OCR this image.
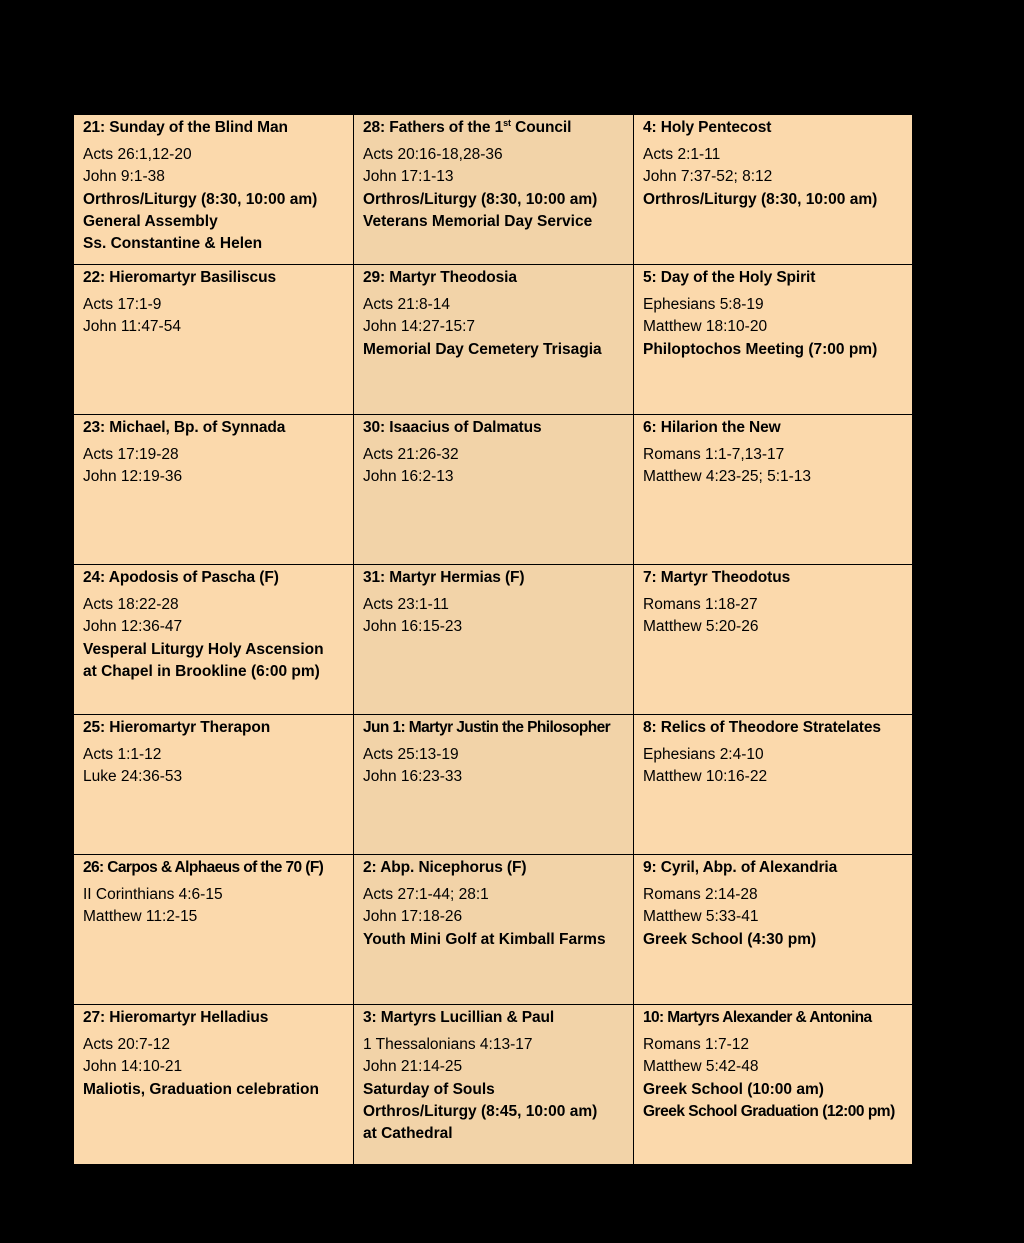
21: Sunday of the Blind Man
Acts 26:1,12-20
John 9:1-38
Orthros/Liturgy (8:30, 10:00 am)
General Assembly
Ss. Constantine & Helen
28: Fathers of the 1st Council
Acts 20:16-18,28-36
John 17:1-13
Orthros/Liturgy (8:30, 10:00 am)
Veterans Memorial Day Service
4: Holy Pentecost
Acts 2:1-11
John 7:37-52; 8:12
Orthros/Liturgy (8:30, 10:00 am)
22: Hieromartyr Basiliscus
Acts 17:1-9
John 11:47-54
29: Martyr Theodosia
Acts 21:8-14
John 14:27-15:7
Memorial Day Cemetery Trisagia
5: Day of the Holy Spirit
Ephesians 5:8-19
Matthew 18:10-20
Philoptochos Meeting (7:00 pm)
23: Michael, Bp. of Synnada
Acts 17:19-28
John 12:19-36
30: Isaacius of Dalmatus
Acts 21:26-32
John 16:2-13
6: Hilarion the New
Romans 1:1-7,13-17
Matthew 4:23-25; 5:1-13
24: Apodosis of Pascha (F)
Acts 18:22-28
John 12:36-47
Vesperal Liturgy Holy Ascension
at Chapel in Brookline (6:00 pm)
31: Martyr Hermias (F)
Acts 23:1-11
John 16:15-23
7: Martyr Theodotus
Romans 1:18-27
Matthew 5:20-26
25: Hieromartyr Therapon
Acts 1:1-12
Luke 24:36-53
Jun 1: Martyr Justin the Philosopher
Acts 25:13-19
John 16:23-33
8: Relics of Theodore Stratelates
Ephesians 2:4-10
Matthew 10:16-22
26: Carpos & Alphaeus of the 70 (F)
II Corinthians 4:6-15
Matthew 11:2-15
2: Abp. Nicephorus (F)
Acts 27:1-44; 28:1
John 17:18-26
Youth Mini Golf at Kimball Farms
9: Cyril, Abp. of Alexandria
Romans 2:14-28
Matthew 5:33-41
Greek School (4:30 pm)
27: Hieromartyr Helladius
Acts 20:7-12
John 14:10-21
Maliotis, Graduation celebration
3: Martyrs Lucillian & Paul
1 Thessalonians 4:13-17
John 21:14-25
Saturday of Souls
Orthros/Liturgy (8:45, 10:00 am)
at Cathedral
10: Martyrs Alexander & Antonina
Romans 1:7-12
Matthew 5:42-48
Greek School (10:00 am)
Greek School Graduation (12:00 pm)
